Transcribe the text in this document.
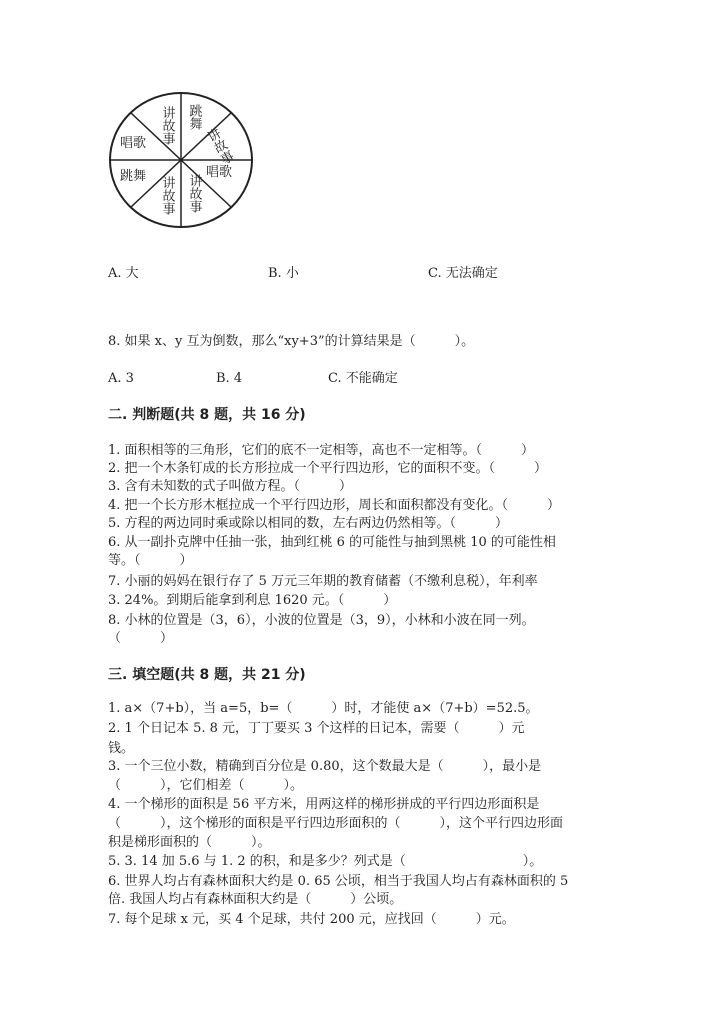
讲故事 跳舞
讲故事
唱歌
讲故事
讲故事
跳舞
唱歌
A. 大	B. 小	C. 无法确定
8. 如果 x、y 互为倒数，那么“xy+3”的计算结果是（　　　）。
A. 3	B. 4	C. 不能确定
二. 判断题(共 8 题，共 16 分)
1. 面积相等的三角形，它们的底不一定相等，高也不一定相等。（　　　）
2. 把一个木条钉成的长方形拉成一个平行四边形，它的面积不变。（　　　）
3. 含有未知数的式子叫做方程。（　　　）
4. 把一个长方形木框拉成一个平行四边形，周长和面积都没有变化。（　　　）
5. 方程的两边同时乘或除以相同的数，左右两边仍然相等。（　　　）
6. 从一副扑克牌中任抽一张，抽到红桃 6 的可能性与抽到黑桃 10 的可能性相
等。（　　　）
7. 小丽的妈妈在银行存了 5 万元三年期的教育储蓄（不缴利息税），年利率
3. 24%。到期后能拿到利息 1620 元。（　　　）
8. 小林的位置是（3，6），小波的位置是（3，9），小林和小波在同一列。
（　　　）
三. 填空题(共 8 题，共 21 分)
1. a×（7+b），当 a=5，b=（　　　）时，才能使 a×（7+b）=52.5。
2. 1 个日记本 5. 8 元，丁丁要买 3 个这样的日记本，需要（　　　）元
钱。
3. 一个三位小数，精确到百分位是 0.80，这个数最大是（　　　），最小是
（　　　），它们相差（　　　）。
4. 一个梯形的面积是 56 平方米，用两这样的梯形拼成的平行四边形面积是
（　　　），这个梯形的面积是平行四边形面积的（　　　），这个平行四边形面
积是梯形面积的（　　　）。
5. 3. 14 加 5.6 与 1. 2 的积，和是多少？列式是（　　　　　　　　　）。
6. 世界人均占有森林面积大约是 0. 65 公顷，相当于我国人均占有森林面积的 5
倍. 我国人均占有森林面积大约是（　　　）公顷。
7. 每个足球 x 元，买 4 个足球，共付 200 元，应找回（　　　）元。
